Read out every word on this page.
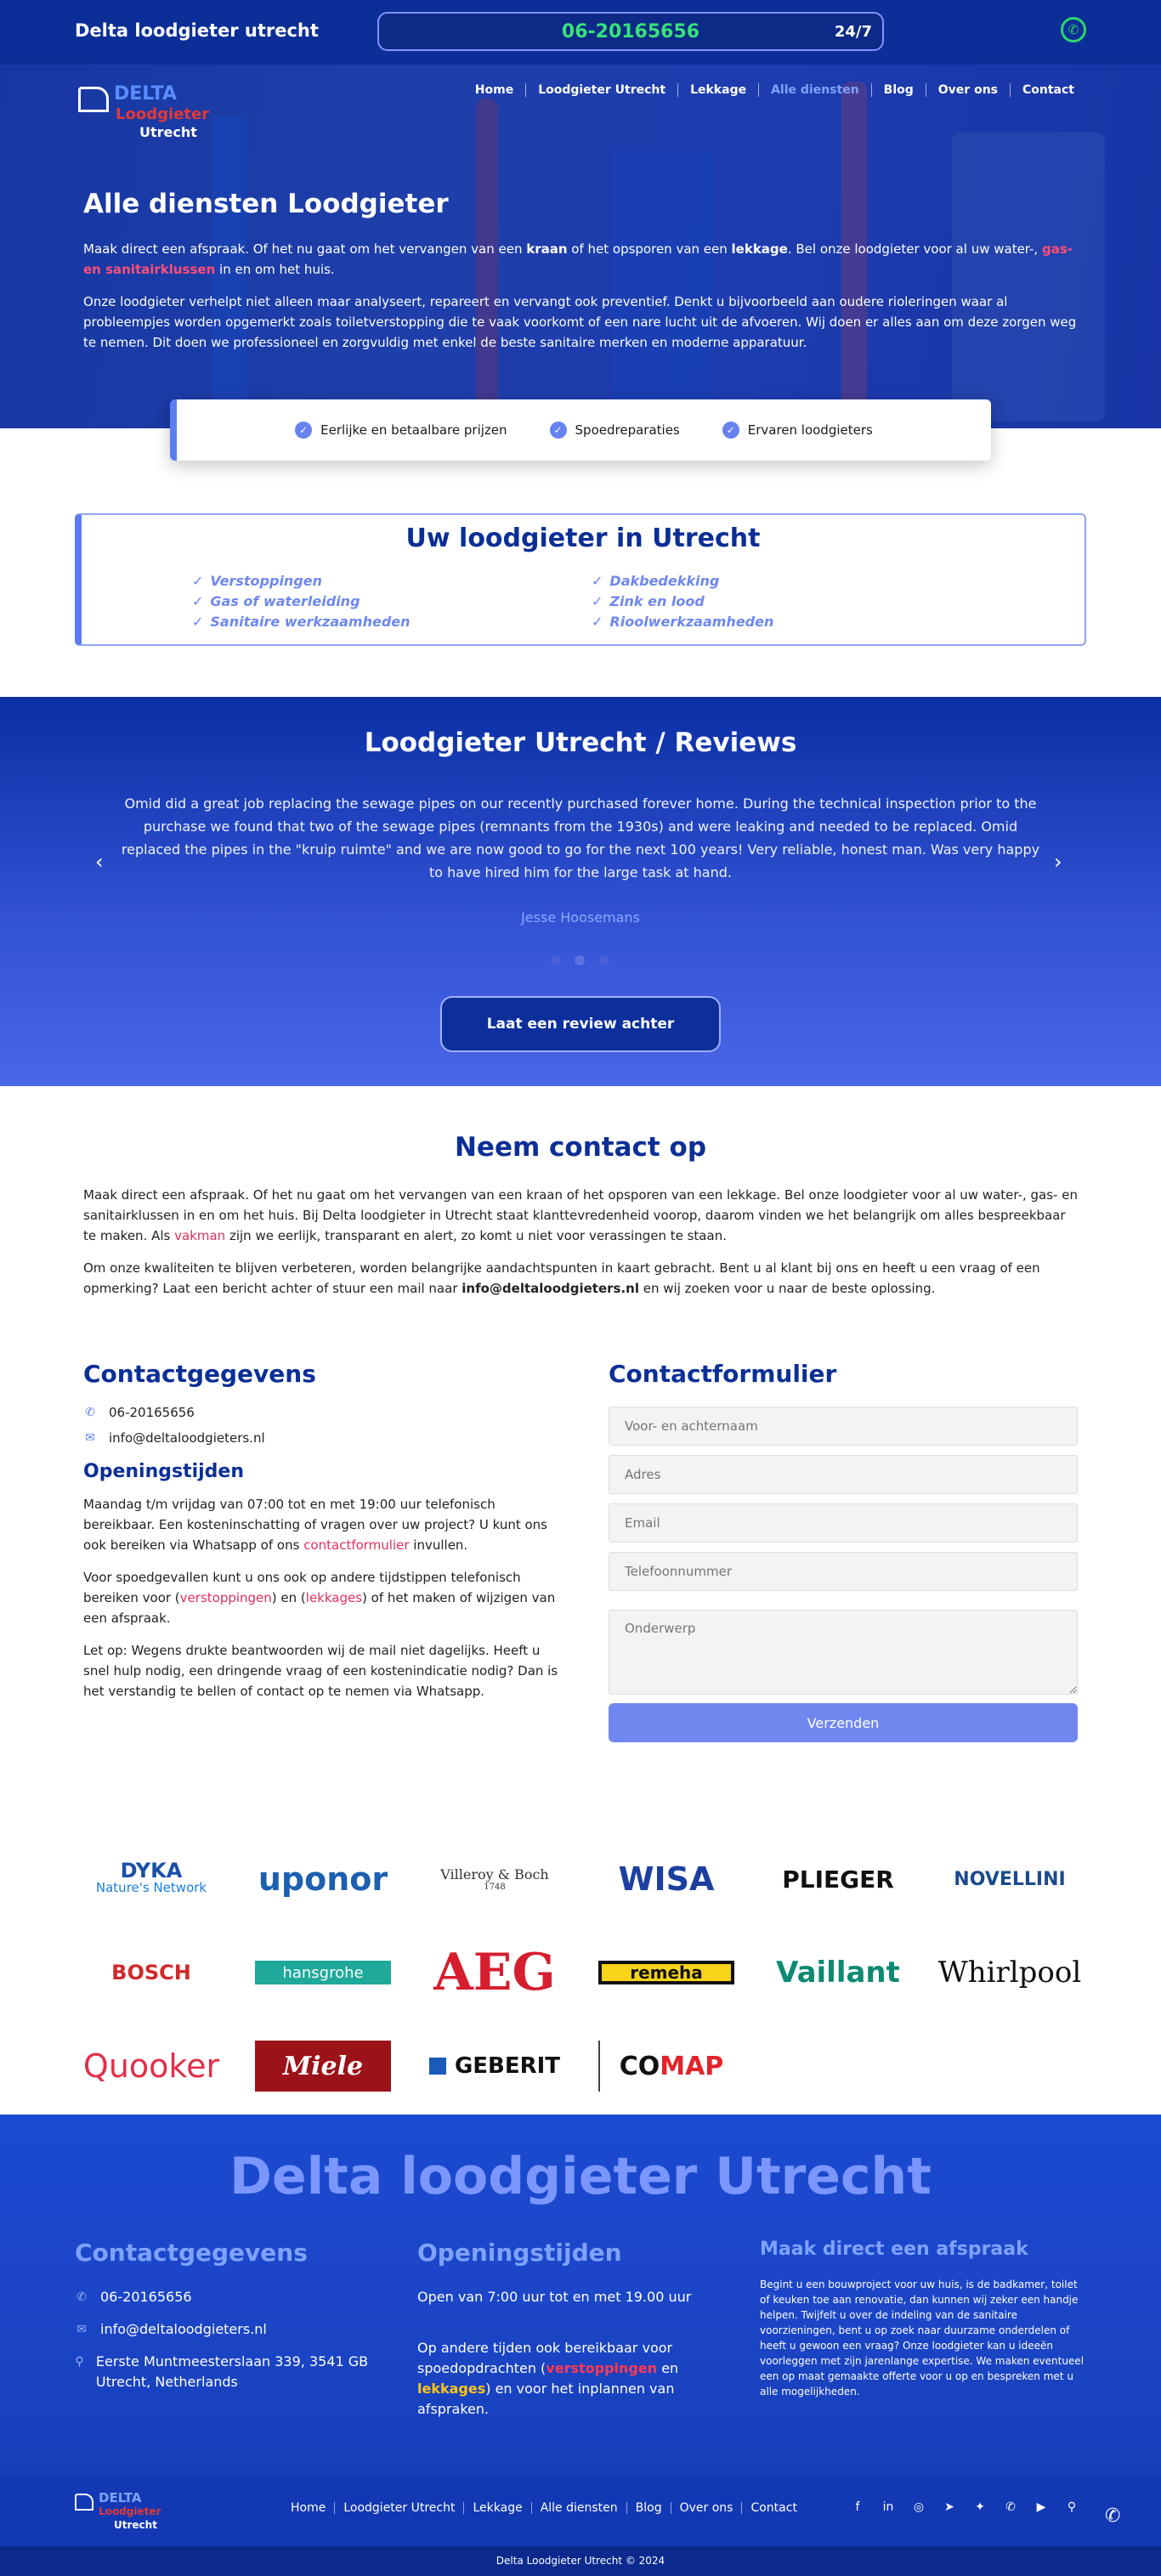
Delta loodgieter utrecht	06-20165656	24/7	✆
DELTA
Loodgieter
Utrecht
Home	Loodgieter Utrecht	Lekkage	Alle diensten	Blog	Over ons	Contact
Alle diensten Loodgieter

Maak direct een afspraak. Of het nu gaat om het vervangen van een kraan of het opsporen van een lekkage. Bel onze loodgieter voor al uw water-, gas- en sanitairklussen in en om het huis.

Onze loodgieter verhelpt niet alleen maar analyseert, repareert en vervangt ook preventief. Denkt u bijvoorbeeld aan oudere rioleringen waar al probleempjes worden opgemerkt zoals toiletverstopping die te vaak voorkomt of een nare lucht uit de afvoeren. Wij doen er alles aan om deze zorgen weg te nemen. Dit doen we professioneel en zorgvuldig met enkel de beste sanitaire merken en moderne apparatuur.

✓ Eerlijke en betaalbare prijzen	✓ Spoedreparaties	✓ Ervaren loodgieters
Uw loodgieter in Utrecht
✓ Verstoppingen
✓ Gas of waterleiding
✓ Sanitaire werkzaamheden
✓ Dakbedekking
✓ Zink en lood
✓ Rioolwerkzaamheden
Loodgieter Utrecht / Reviews
Omid did a great job replacing the sewage pipes on our recently purchased forever home. During the technical inspection prior to the purchase we found that two of the sewage pipes (remnants from the 1930s) and were leaking and needed to be replaced. Omid replaced the pipes in the "kruip ruimte" and we are now good to go for the next 100 years! Very reliable, honest man. Was very happy to have hired him for the large task at hand.
Jesse Hoosemans
‹	›
Laat een review achter
Neem contact op

Maak direct een afspraak. Of het nu gaat om het vervangen van een kraan of het opsporen van een lekkage. Bel onze loodgieter voor al uw water-, gas- en sanitairklussen in en om het huis. Bij Delta loodgieter in Utrecht staat klanttevredenheid voorop, daarom vinden we het belangrijk om alles bespreekbaar te maken. Als vakman zijn we eerlijk, transparant en alert, zo komt u niet voor verassingen te staan.

Om onze kwaliteiten te blijven verbeteren, worden belangrijke aandachtspunten in kaart gebracht. Bent u al klant bij ons en heeft u een vraag of een opmerking? Laat een bericht achter of stuur een mail naar info@deltaloodgieters.nl en wij zoeken voor u naar de beste oplossing.

Contactgegevens
✆ 06-20165656
✉ info@deltaloodgieters.nl
Openingstijden

Maandag t/m vrijdag van 07:00 tot en met 19:00 uur telefonisch bereikbaar. Een kosteninschatting of vragen over uw project? U kunt ons ook bereiken via Whatsapp of ons contactformulier invullen.

Voor spoedgevallen kunt u ons ook op andere tijdstippen telefonisch bereiken voor (verstoppingen) en (lekkages) of het maken of wijzigen van een afspraak.

Let op: Wegens drukte beantwoorden wij de mail niet dagelijks. Heeft u snel hulp nodig, een dringende vraag of een kostenindicatie nodig? Dan is het verstandig te bellen of contact op te nemen via Whatsapp.

Contactformulier
Voor- en achternaam
Adres
Email
Telefoonnummer
Onderwerp Verzenden
DYKA
Nature's Network uponor	Villeroy & Boch
1748	WISA	PLIEGER	NOVELLINI
BOSCH	hansgrohe	AEG	remeha	Vaillant Whirlpool
Quooker	Miele	GEBERIT CO MAP
Delta loodgieter Utrecht
Contactgegevens
✆ 06-20165656
✉ info@deltaloodgieters.nl
⚲ Eerste Muntmeesterslaan 339, 3541 GB Utrecht, Netherlands
Openingstijden

Open van 7:00 uur tot en met 19.00 uur

Op andere tijden ook bereikbaar voor spoedopdrachten (verstoppingen en lekkages) en voor het inplannen van afspraken.

Maak direct een afspraak

Begint u een bouwproject voor uw huis, is de badkamer, toilet of keuken toe aan renovatie, dan kunnen wij zeker een handje helpen. Twijfelt u over de indeling van de sanitaire voorzieningen, bent u op zoek naar duurzame onderdelen of heeft u gewoon een vraag? Onze loodgieter kan u ideeën voorleggen met zijn jarenlange expertise. We maken eventueel een op maat gemaakte offerte voor u op en bespreken met u alle mogelijkheden.

DELTA
Loodgieter
Utrecht
Home	Loodgieter Utrecht	Lekkage	Alle diensten	Blog	Over ons	Contact	f	in ◎ ➤ ✦ ✆ ▶ ⚲ ✆
Delta Loodgieter Utrecht © 2024
